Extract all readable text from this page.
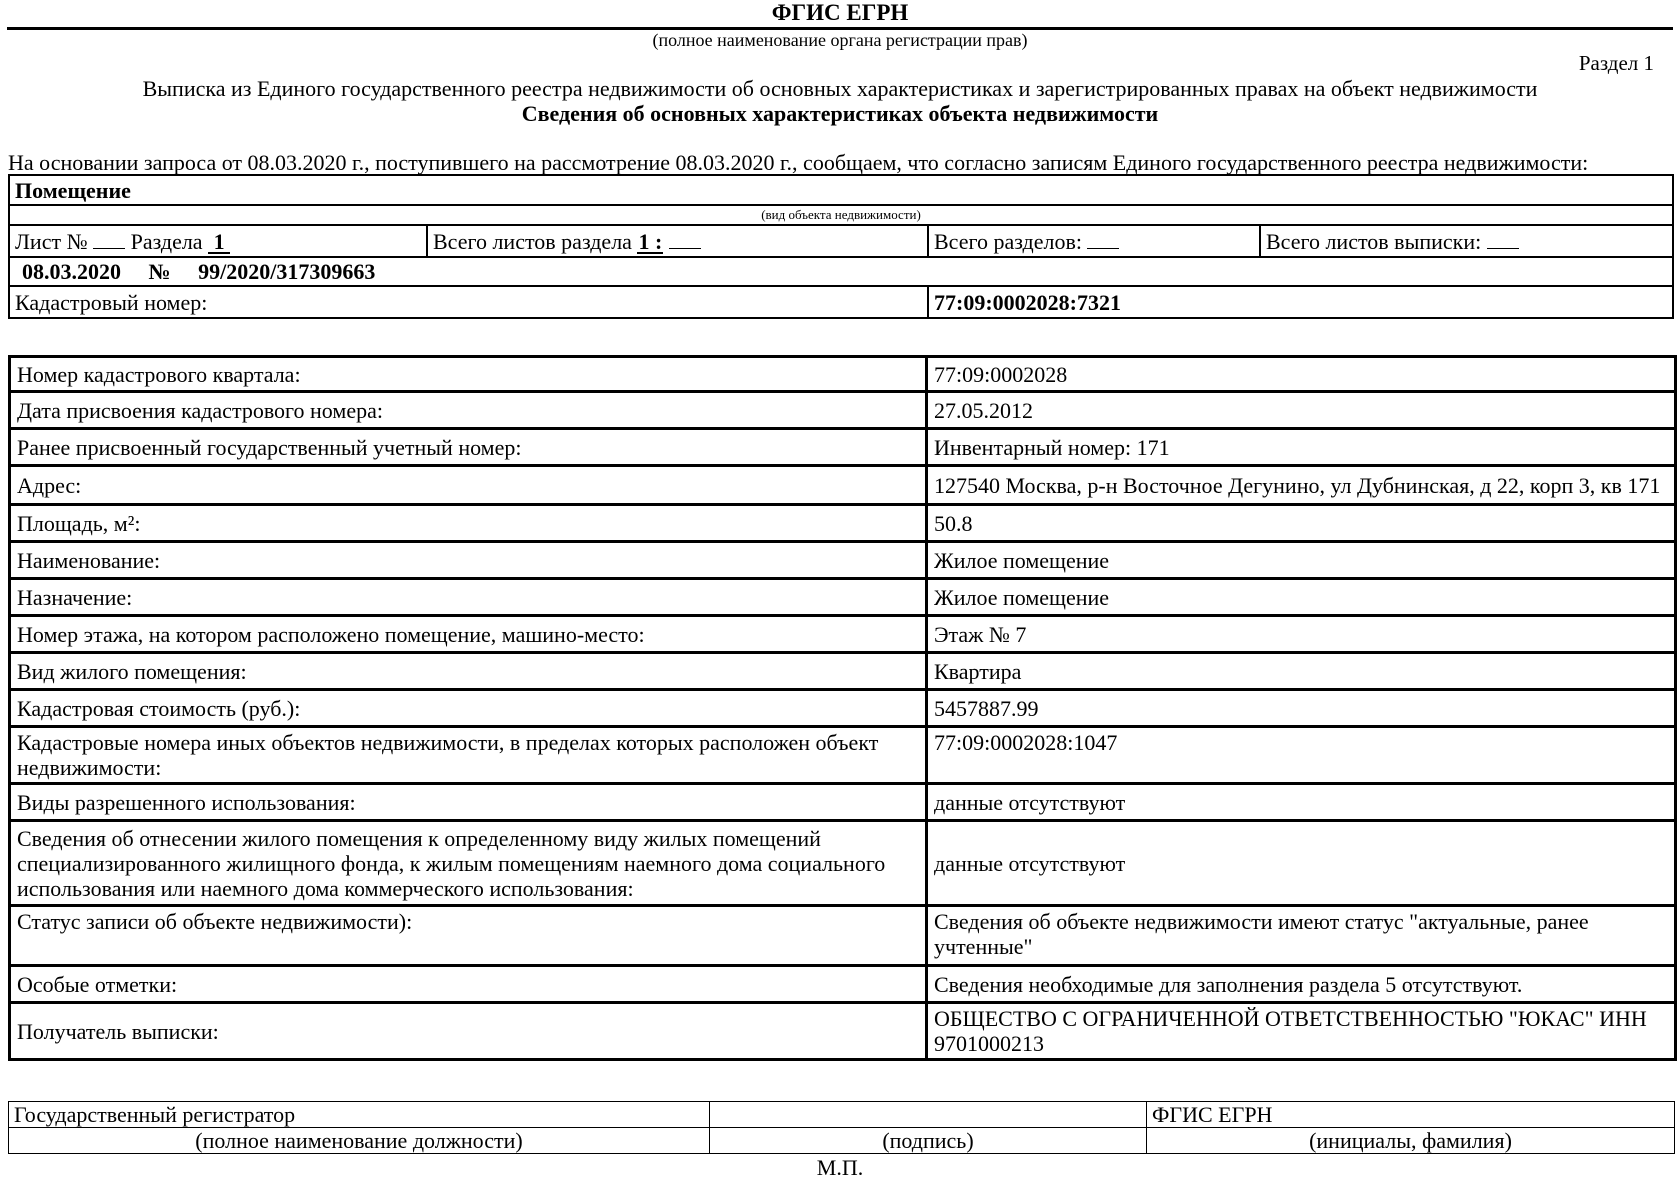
ФГИС ЕГРН
(полное наименование органа регистрации прав)
Раздел 1
Выписка из Единого государственного реестра недвижимости об основных характеристиках и зарегистрированных правах на объект недвижимости
Сведения об основных характеристиках объекта недвижимости
На основании запроса от 08.03.2020 г., поступившего на рассмотрение 08.03.2020 г., сообщаем, что согласно записям Единого государственного реестра недвижимости:
Помещение			
(вид объекта недвижимости)			
Лист № Раздела 1	Всего листов раздела 1 :	Всего разделов:	Всего листов выписки:
08.03.2020 № 99/2020/317309663			
Кадастровый номер:		77:09:0002028:7321	
Номер кадастрового квартала:	77:09:0002028
Дата присвоения кадастрового номера:	27.05.2012
Ранее присвоенный государственный учетный номер:	Инвентарный номер: 171
Адрес:	127540 Москва, р-н Восточное Дегунино, ул Дубнинская, д 22, корп 3, кв 171
Площадь, м²:	50.8
Наименование:	Жилое помещение
Назначение:	Жилое помещение
Номер этажа, на котором расположено помещение, машино-место:	Этаж № 7
Вид жилого помещения:	Квартира
Кадастровая стоимость (руб.):	5457887.99
Кадастровые номера иных объектов недвижимости, в пределах которых расположен объект недвижимости:	77:09:0002028:1047
Виды разрешенного использования:	данные отсутствуют
Сведения об отнесении жилого помещения к определенному виду жилых помещений специализированного жилищного фонда, к жилым помещениям наемного дома социального использования или наемного дома коммерческого использования:	данные отсутствуют
Статус записи об объекте недвижимости):	Сведения об объекте недвижимости имеют статус "актуальные, ранее учтенные"
Особые отметки:	Сведения необходимые для заполнения раздела 5 отсутствуют.
Получатель выписки:	ОБЩЕСТВО С ОГРАНИЧЕННОЙ ОТВЕТСТВЕННОСТЬЮ "ЮКАС" ИНН 9701000213
Государственный регистратор		ФГИС ЕГРН
(полное наименование должности)	(подпись)	(инициалы, фамилия)
М.П.
